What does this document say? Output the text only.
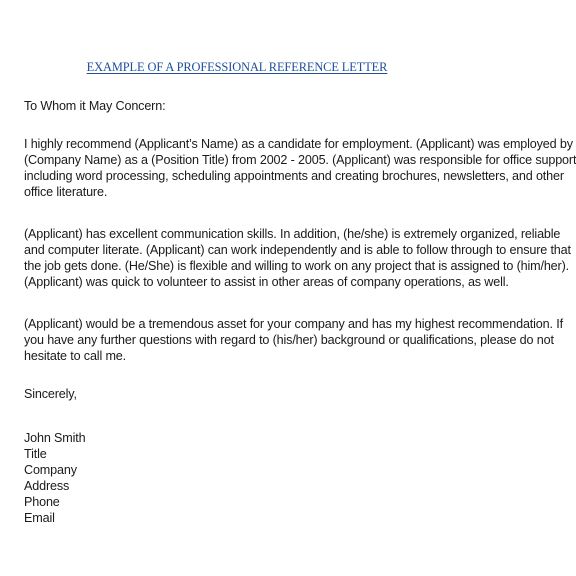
EXAMPLE OF A PROFESSIONAL REFERENCE LETTER
To Whom it May Concern:
I highly recommend (Applicant’s Name) as a candidate for employment. (Applicant) was employed by
(Company Name) as a (Position Title) from 2002 - 2005. (Applicant) was responsible for office support
including word processing, scheduling appointments and creating brochures, newsletters, and other
office literature.
(Applicant) has excellent communication skills. In addition, (he/she) is extremely organized, reliable
and computer literate. (Applicant) can work independently and is able to follow through to ensure that
the job gets done. (He/She) is flexible and willing to work on any project that is assigned to (him/her).
(Applicant) was quick to volunteer to assist in other areas of company operations, as well.
(Applicant) would be a tremendous asset for your company and has my highest recommendation. If
you have any further questions with regard to (his/her) background or qualifications, please do not
hesitate to call me.
Sincerely,
John Smith
Title
Company
Address
Phone
Email
